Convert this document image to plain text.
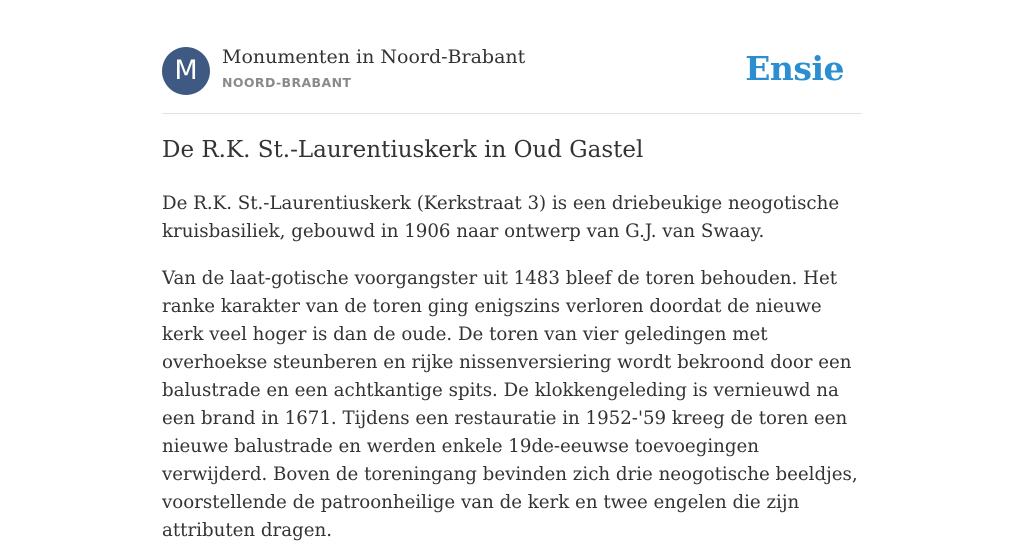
M	Monumenten in Noord-Brabant
NOORD-BRABANT	Ensie
De R.K. St.-Laurentiuskerk in Oud Gastel

De R.K. St.-Laurentiuskerk (Kerkstraat 3) is een driebeukige neogotische kruisbasiliek, gebouwd in 1906 naar ontwerp van G.J. van Swaay.

Van de laat-gotische voorgangster uit 1483 bleef de toren behouden. Het ranke karakter van de toren ging enigszins verloren doordat de nieuwe kerk veel hoger is dan de oude. De toren van vier geledingen met overhoekse steunberen en rijke nissenversiering wordt bekroond door een balustrade en een achtkantige spits. De klokkengeleding is vernieuwd na een brand in 1671. Tijdens een restauratie in 1952-'59 kreeg de toren een nieuwe balustrade en werden enkele 19de-eeuwse toevoegingen verwijderd. Boven de toreningang bevinden zich drie neogotische beeldjes, voorstellende de patroonheilige van de kerk en twee engelen die zijn attributen dragen.
